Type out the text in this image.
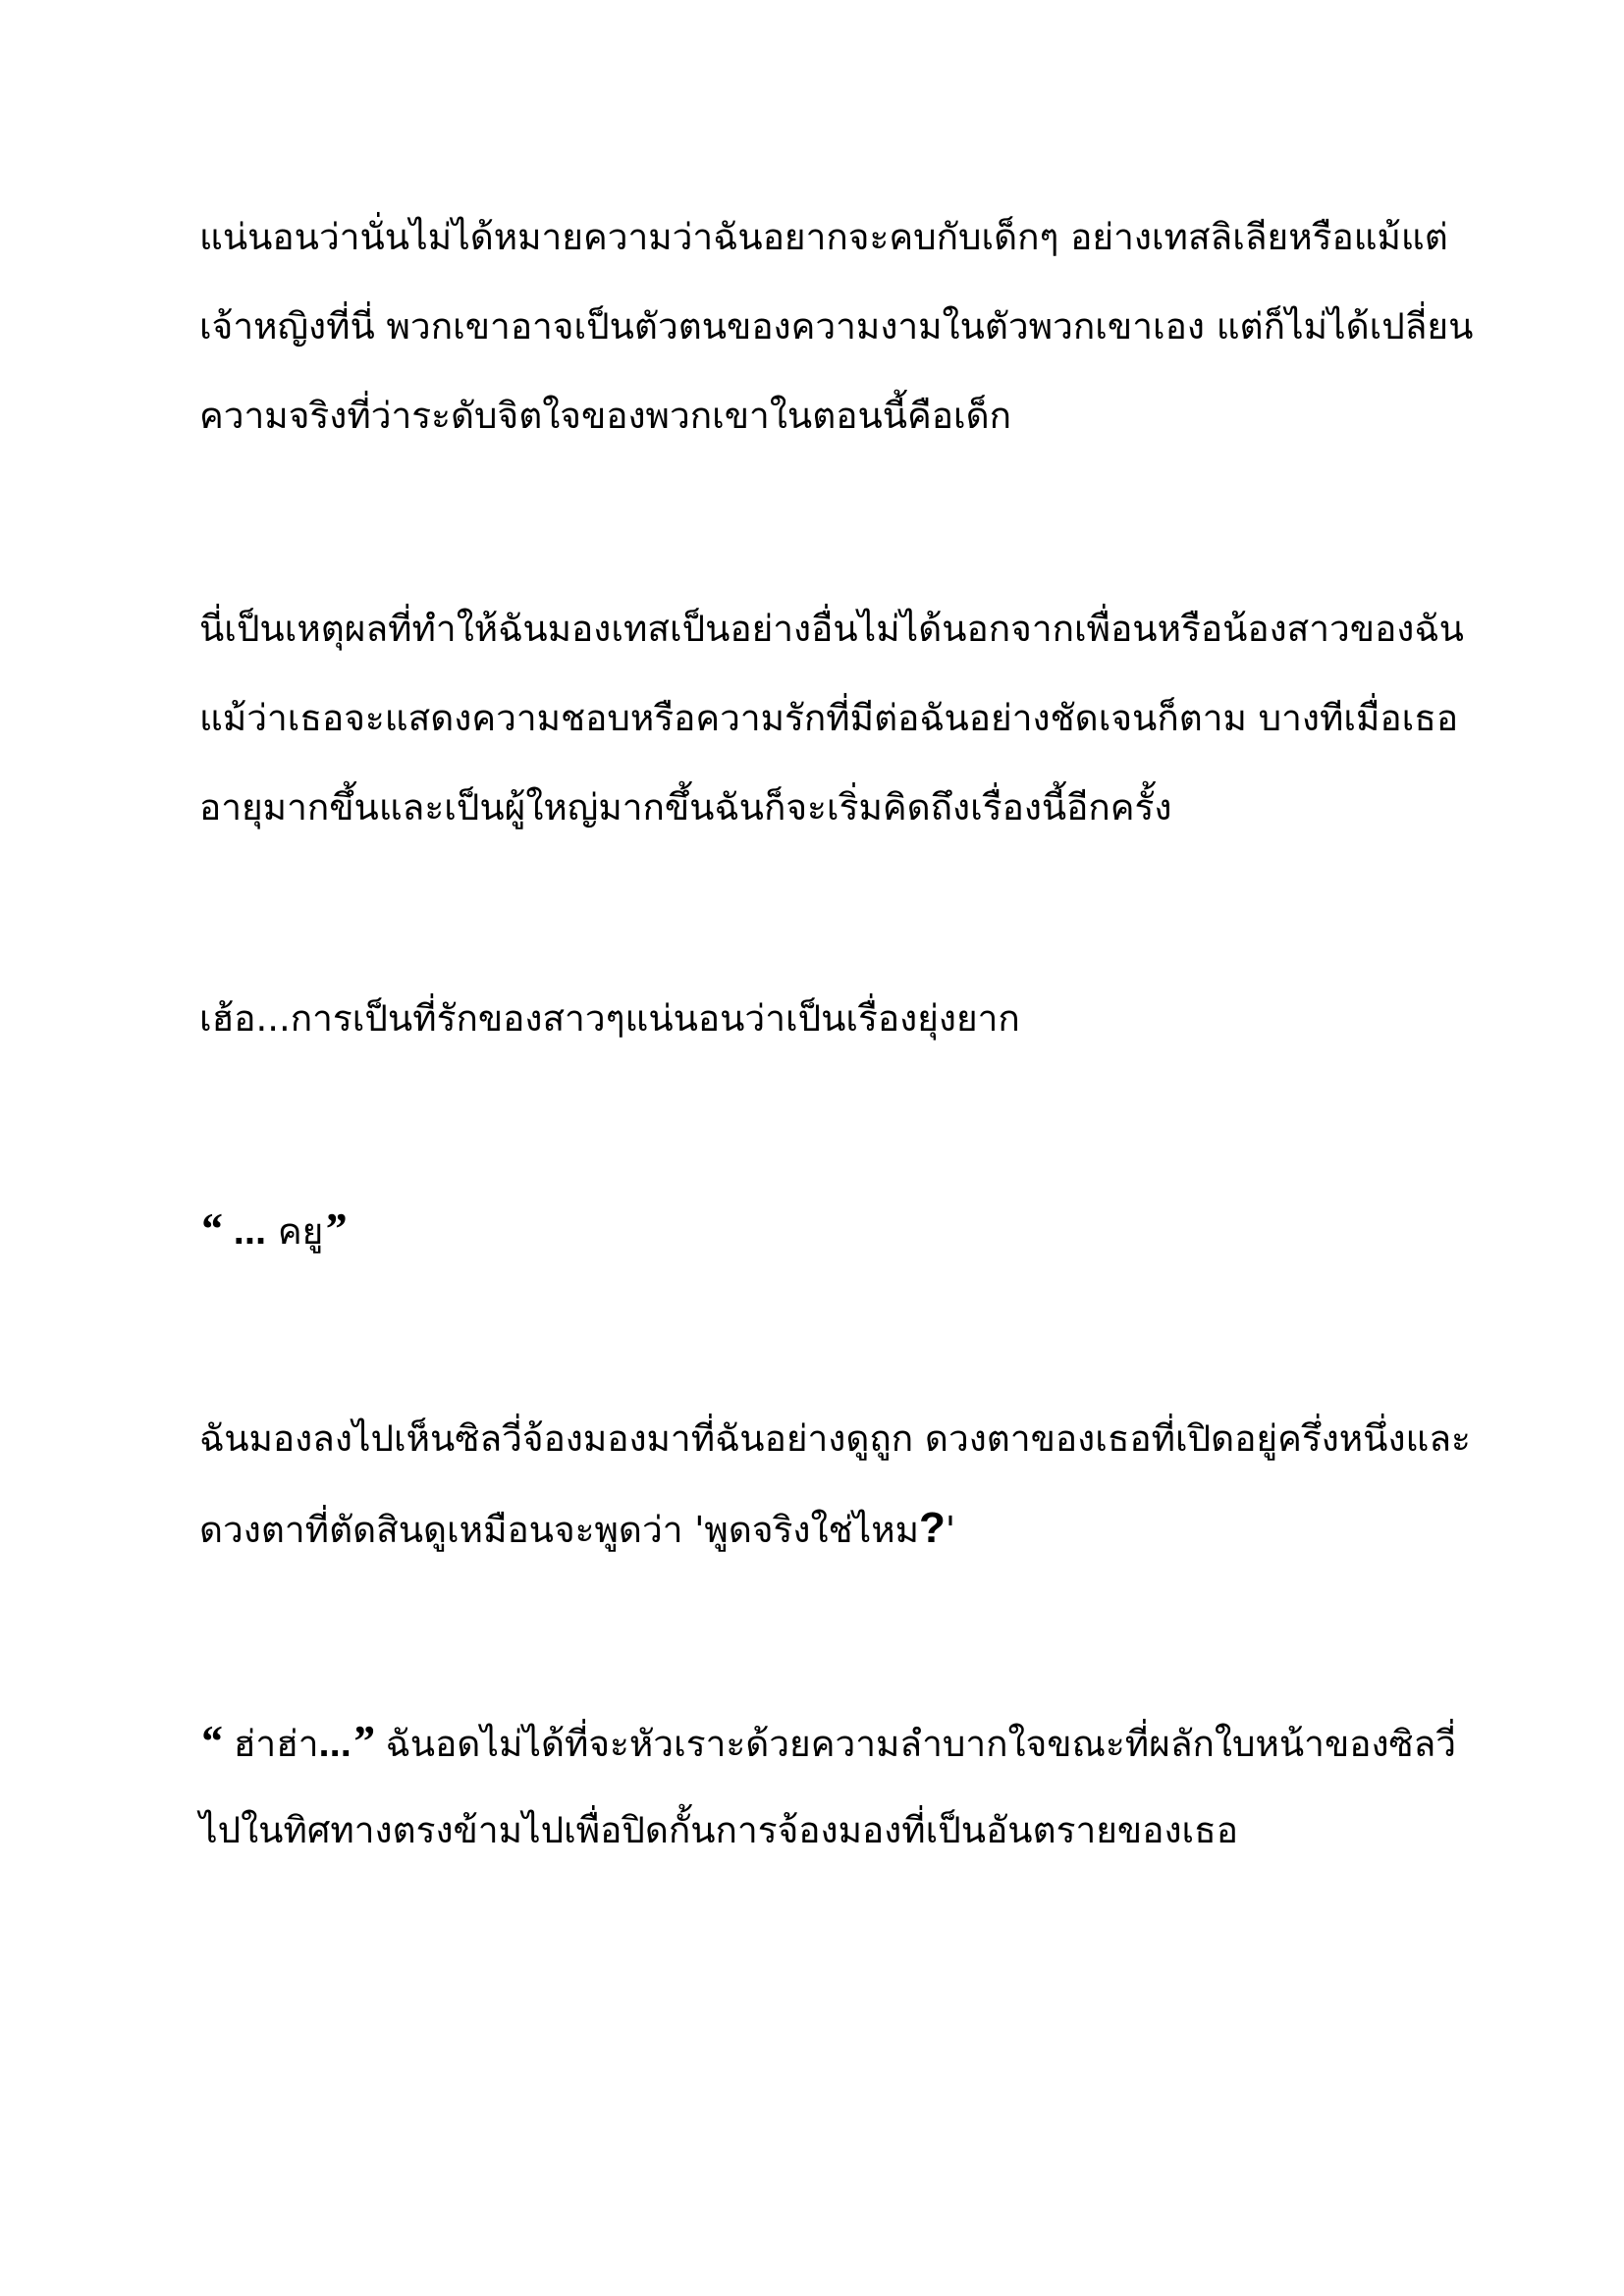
แน่นอนว่านั่นไม่ได้หมายความว่าฉันอยากจะคบกับเด็กๆ อย่างเทสลิเลียหรือแม้แต่
เจ้าหญิงที่นี่ พวกเขาอาจเป็นตัวตนของความงามในตัวพวกเขาเอง แต่ก็ไม่ได้เปลี่ยน
ความจริงที่ว่าระดับจิตใจของพวกเขาในตอนนี้คือเด็ก
นี่เป็นเหตุผลที่ทำให้ฉันมองเทสเป็นอย่างอื่นไม่ได้นอกจากเพื่อนหรือน้องสาวของฉัน
แม้ว่าเธอจะแสดงความชอบหรือความรักที่มีต่อฉันอย่างชัดเจนก็ตาม บางทีเมื่อเธอ
อายุมากขึ้นและเป็นผู้ใหญ่มากขึ้นฉันก็จะเริ่มคิดถึงเรื่องนี้อีกครั้ง
เฮ้อ...การเป็นที่รักของสาวๆแน่นอนว่าเป็นเรื่องยุ่งยาก
“ ... คยู”
ฉันมองลงไปเห็นซิลวี่จ้องมองมาที่ฉันอย่างดูถูก ดวงตาของเธอที่เปิดอยู่ครึ่งหนึ่งและ
ดวงตาที่ตัดสินดูเหมือนจะพูดว่า 'พูดจริงใช่ไหม?'
“ ฮ่าฮ่า...” ฉันอดไม่ได้ที่จะหัวเราะด้วยความลำบากใจขณะที่ผลักใบหน้าของซิลวี่
ไปในทิศทางตรงข้ามไปเพื่อปิดกั้นการจ้องมองที่เป็นอันตรายของเธอ
